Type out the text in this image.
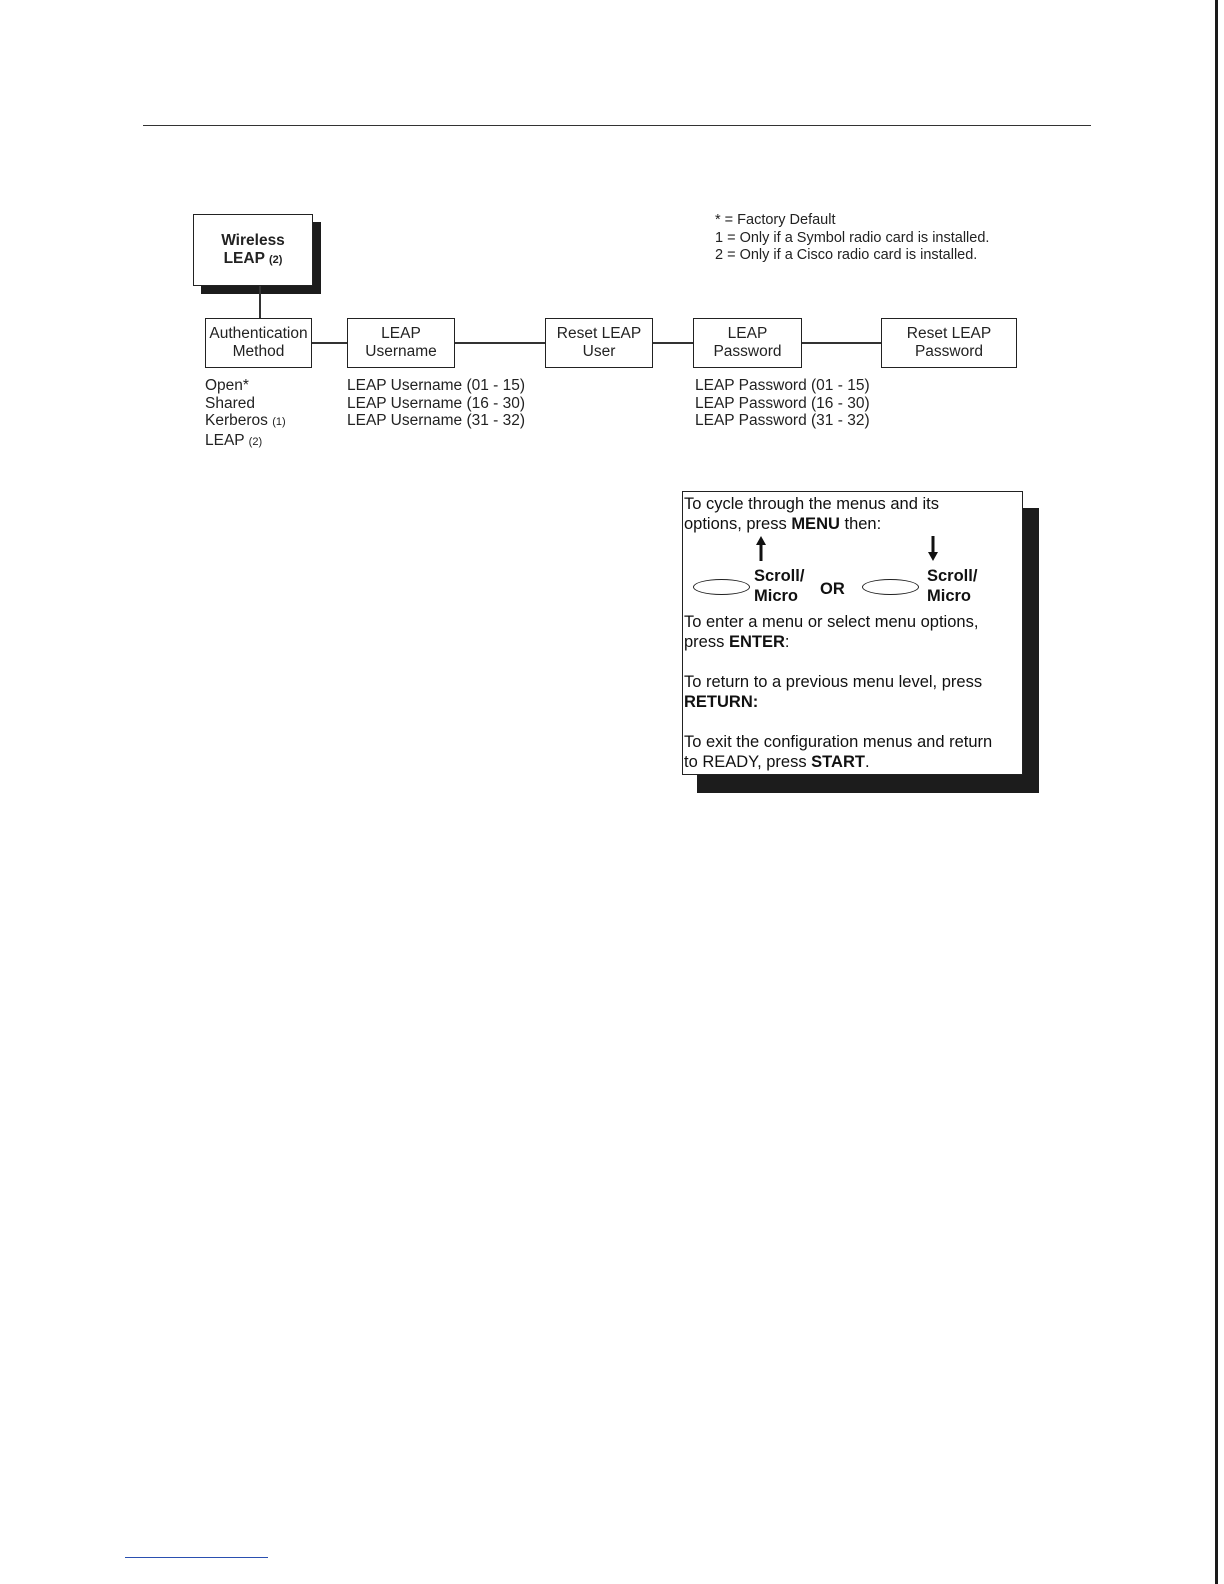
Wireless
LEAP (2)
Authentication
Method
LEAP
Username
Reset LEAP
User
LEAP
Password
Reset LEAP
Password
* = Factory Default
1 = Only if a Symbol radio card is installed.
2 = Only if a Cisco radio card is installed.
Open*
Shared
Kerberos (1)
LEAP (2)
LEAP Username (01 - 15)
LEAP Username (16 - 30)
LEAP Username (31 - 32)
LEAP Password (01 - 15)
LEAP Password (16 - 30)
LEAP Password (31 - 32)

To cycle through the menus and its

options, press MENU then:

Scroll/
Micro	OR
Scroll/
Micro

To enter a menu or select menu options,

press ENTER:

To return to a previous menu level, press

RETURN:

To exit the configuration menus and return

to READY, press START.
